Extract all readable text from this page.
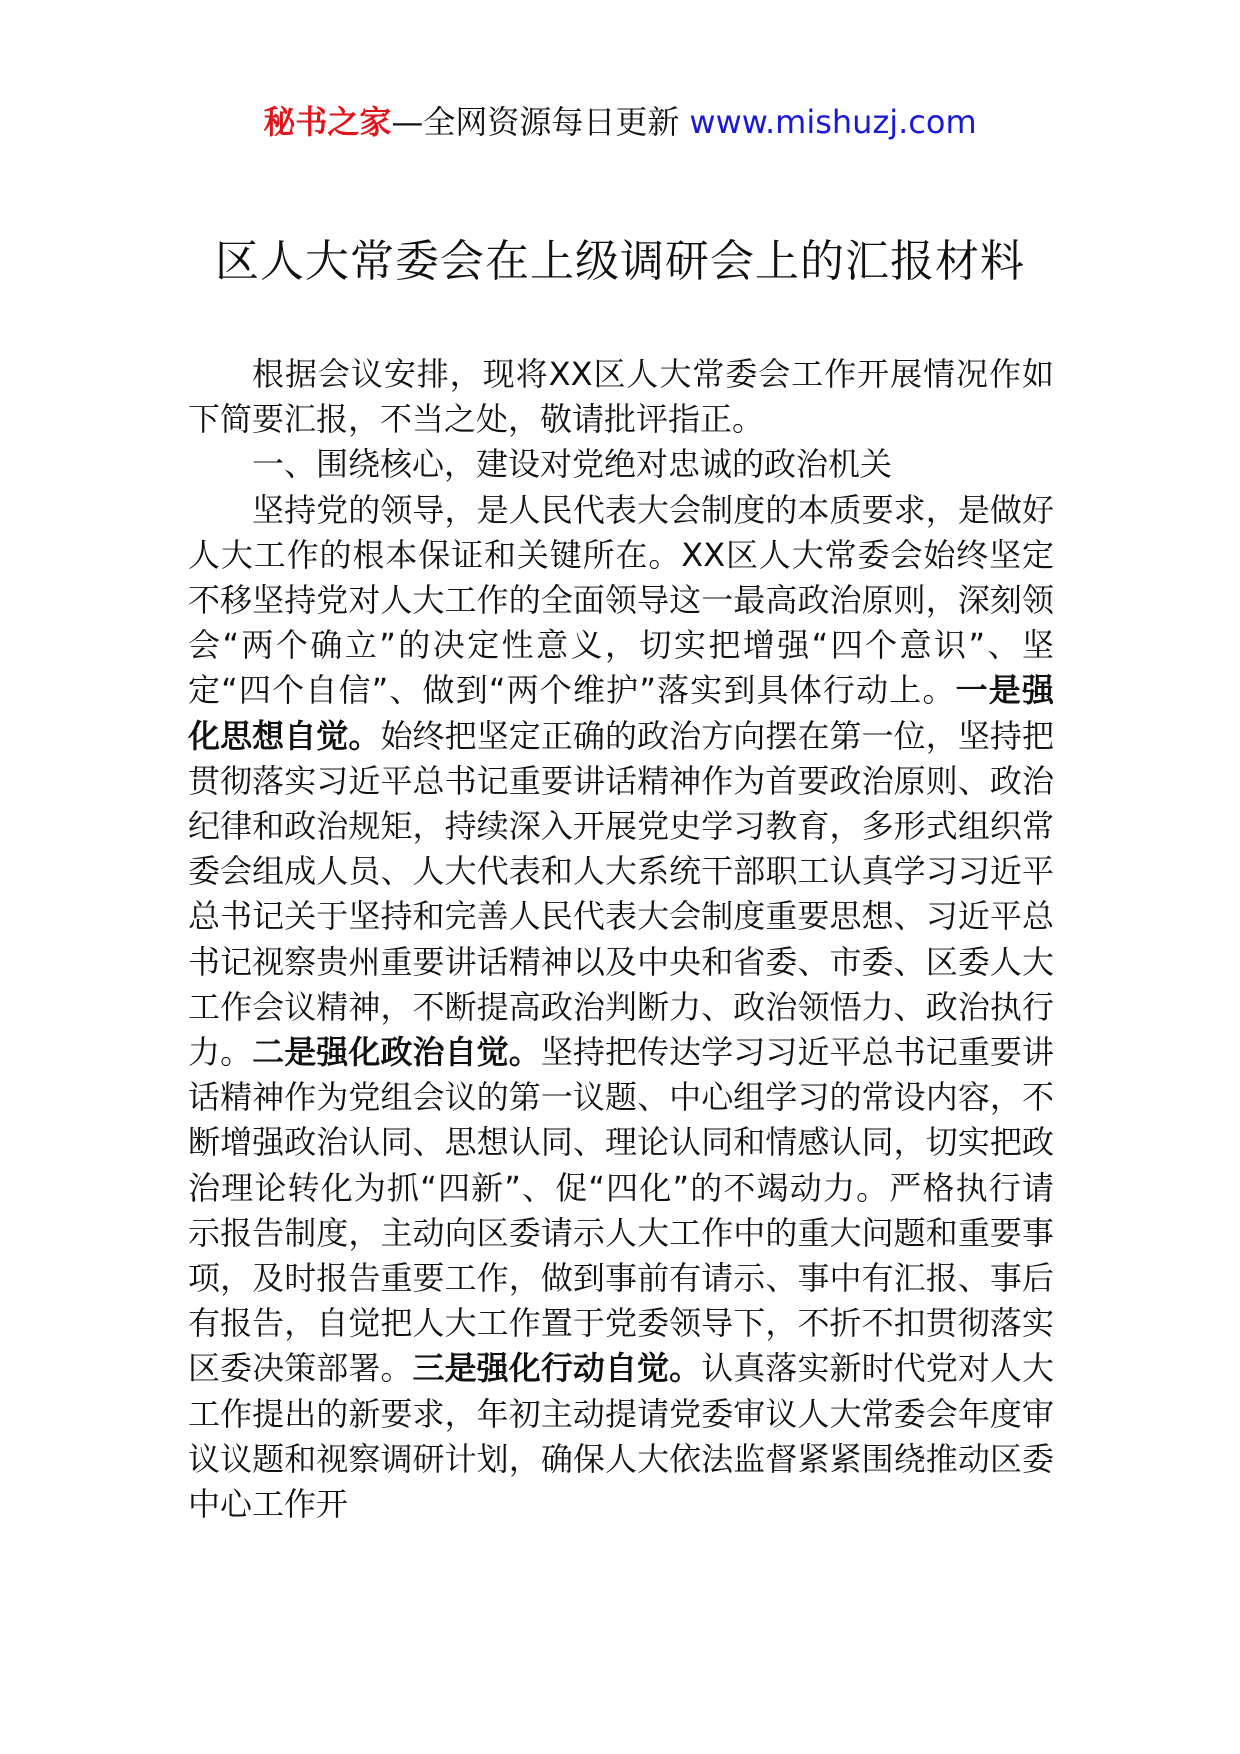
秘书之家—全网资源每日更新 www.mishuzj.com
区人大常委会在上级调研会上的汇报材料

根据会议安排，现将XX区人大常委会工作开展情况作如下简要汇报，不当之处，敬请批评指正。

一、围绕核心，建设对党绝对忠诚的政治机关

坚持党的领导，是人民代表大会制度的本质要求，是做好人大工作的根本保证和关键所在。XX区人大常委会始终坚定不移坚持党对人大工作的全面领导这一最高政治原则，深刻领会“两个确立”的决定性意义，切实把增强“四个意识”、坚定“四个自信”、做到“两个维护”落实到具体行动上。一是强化思想自觉。始终把坚定正确的政治方向摆在第一位，坚持把贯彻落实习近平总书记重要讲话精神作为首要政治原则、政治纪律和政治规矩，持续深入开展党史学习教育，多形式组织常委会组成人员、人大代表和人大系统干部职工认真学习习近平总书记关于坚持和完善人民代表大会制度重要思想、习近平总书记视察贵州重要讲话精神以及中央和省委、市委、区委人大工作会议精神，不断提高政治判断力、政治领悟力、政治执行力。二是强化政治自觉。坚持把传达学习习近平总书记重要讲话精神作为党组会议的第一议题、中心组学习的常设内容，不断增强政治认同、思想认同、理论认同和情感认同，切实把政治理论转化为抓“四新”、促“四化”的不竭动力。严格执行请示报告制度，主动向区委请示人大工作中的重大问题和重要事项，及时报告重要工作，做到事前有请示、事中有汇报、事后有报告，自觉把人大工作置于党委领导下，不折不扣贯彻落实区委决策部署。三是强化行动自觉。认真落实新时代党对人大工作提出的新要求，年初主动提请党委审议人大常委会年度审议议题和视察调研计划，确保人大依法监督紧紧围绕推动区委中心工作开
